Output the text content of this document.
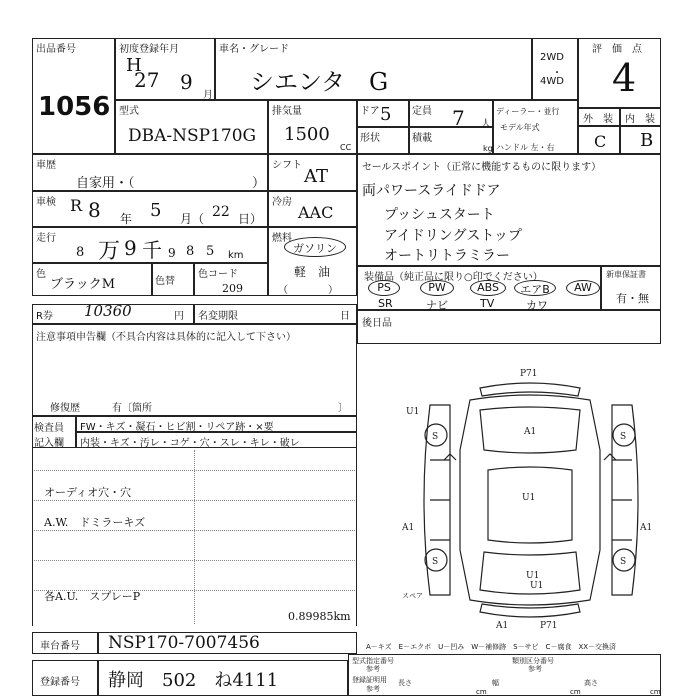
出品番号
1056
初度登録年月
H
27 9
月
車名・グレード
シエンタ　G
2WD
・
4WD
評　価　点
4
型式
DBA-NSP170G
排気量
1500
CC
ドア 5 定員 7 人
形状	積載
kg
ディーラー・並行
モデル年式
ハンドル 左・右
外　装 内　装
C B
車歴
自家用・（	）
車検 R 8 年 5 月（ 22 日）
走行
8 万 9 千 9 8 5 km
色
ブラックM	色替
色コード
209
シフト
AT
冷房
AAC
燃料
ガソリン
軽　油
（　　　　）
R券 10360	円 名変期限	日
注意事項申告欄（不具合内容は具体的に記入して下さい）
修復歴	有〔箇所	〕
検査員
記入欄
FW・キズ・凝石・ヒビ割・リペア跡・×要
内装・キズ・汚レ・コゲ・穴・スレ・キレ・破レ
オーディオ穴・穴
A.W.　ドミラーキズ
各A.U.　スプレーP
0.89985km
セールスポイント（正常に機能するものに限ります）
両パワースライドドア
プッシュスタート
アイドリングストップ
オートリトラミラー
装備品（純正品に限り○印でください）
PS	PW	ABS	エアB	AW
SR	ナビ	TV	カワ
新車保証書
有・無
後日品
P71
A1
U1
A1
U1
A1
U1
P71
A1
U1
スペア
S	S
S	S
A－キズ　E－エクボ　U－凹み　W－補修跡　S－サビ　C－腐食　XX－交換済
車台番号 NSP170-7007456
登録番号 静岡　502　ね4111
型式指定番号
参考
類別区分番号
参考
登録証明用
参考
長さ
cm
幅
cm
高さ
cm
